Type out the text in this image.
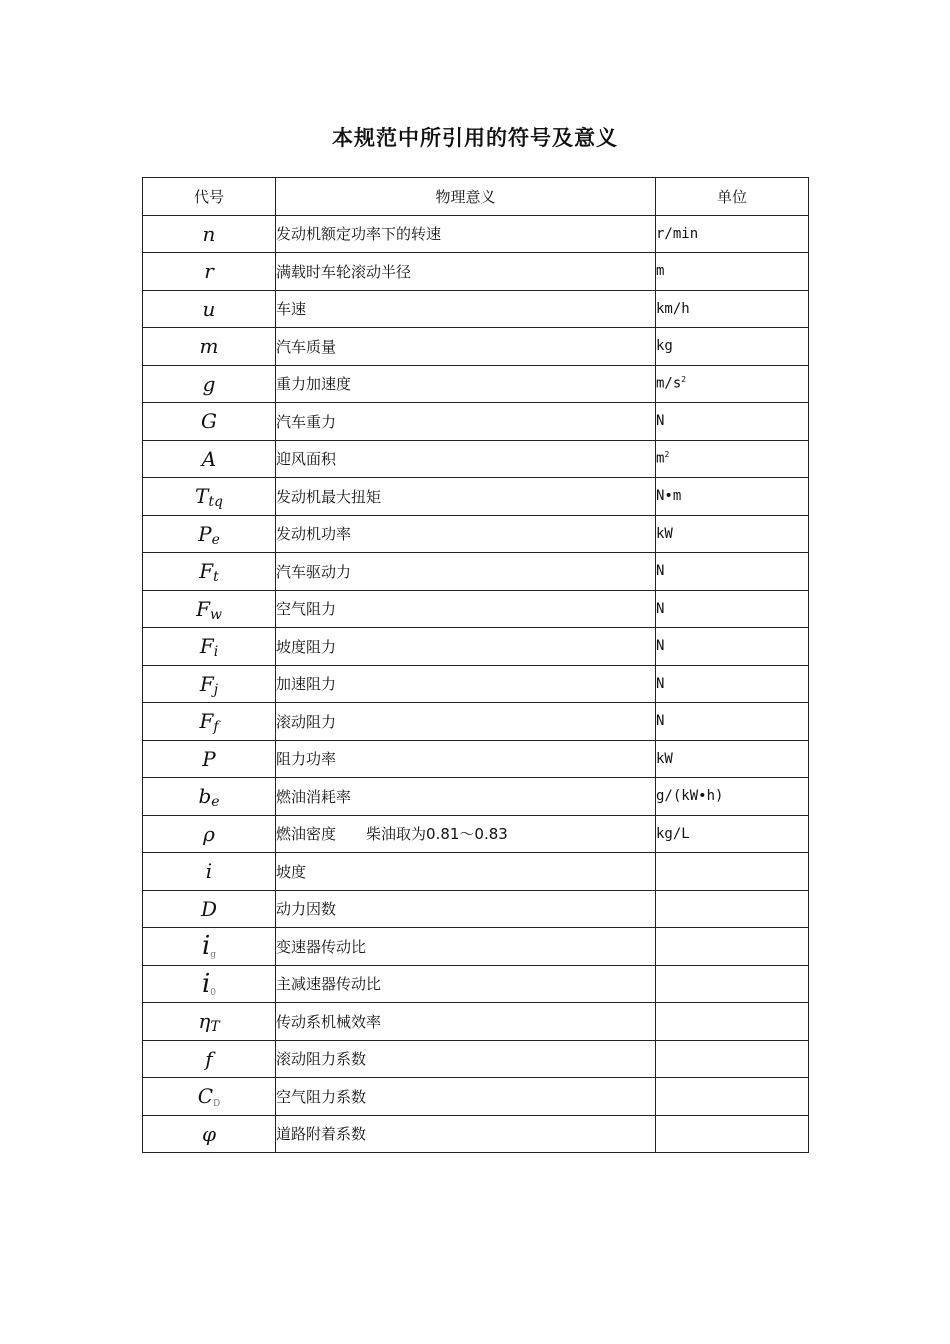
本规范中所引用的符号及意义
代号	物理意义	单位
n	发动机额定功率下的转速	r/min
r	满载时车轮滚动半径	m
u	车速	km/h
m	汽车质量	kg
g	重力加速度	$m/s^2$
G	汽车重力	N
A	迎风面积	$m^2$
$T_{tq}$	发动机最大扭矩	N•m
$P_e$	发动机功率	kW
$F_t$	汽车驱动力	N
$F_w$	空气阻力	N
$F_i$	坡度阻力	N
$F_j$	加速阻力	N
$F_f$	滚动阻力	N
P	阻力功率	kW
$b_e$	燃油消耗率	g/(kW•h)
ρ	燃油密度　　柴油取为0.81～0.83	kg/L
i	坡度	
D	动力因数	
$i_g$	变速器传动比	
$i_0$	主减速器传动比	
$\eta_T$	传动系机械效率	
f	滚动阻力系数	
$C_D$	空气阻力系数	
φ	道路附着系数	
